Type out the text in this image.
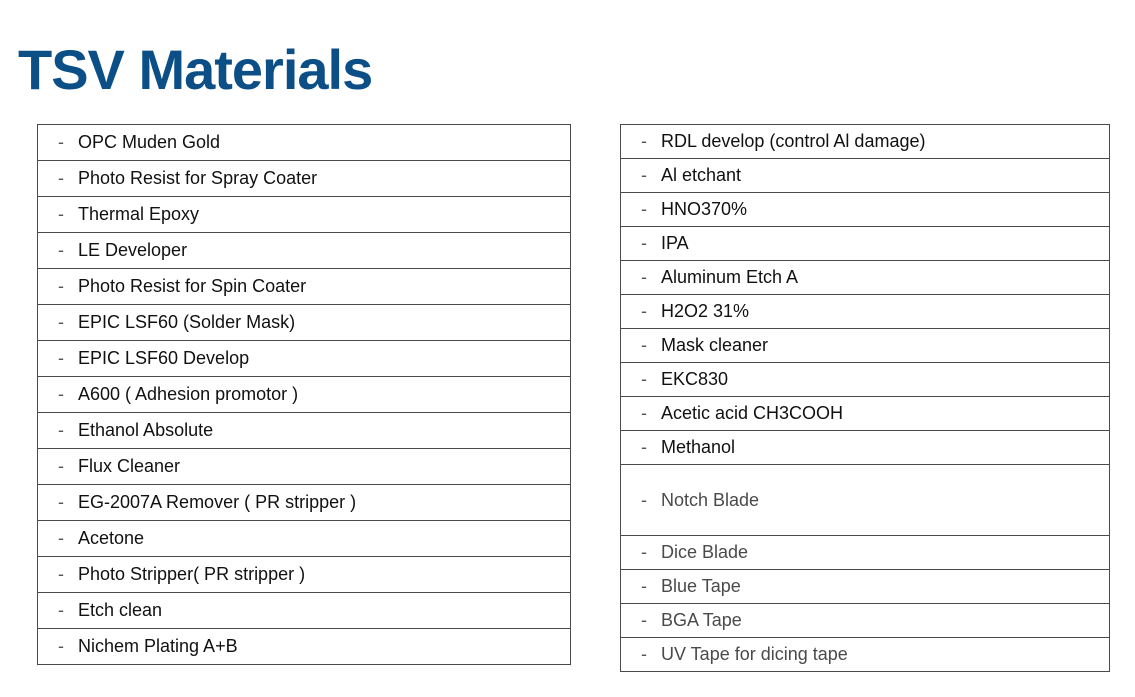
TSV Materials
- OPC Muden Gold
- Photo Resist for Spray Coater
- Thermal Epoxy
- LE Developer
- Photo Resist for Spin Coater
- EPIC LSF60 (Solder Mask)
- EPIC LSF60 Develop
- A600 ( Adhesion promotor )
- Ethanol Absolute
- Flux Cleaner
- EG-2007A Remover ( PR stripper )
- Acetone
- Photo Stripper( PR stripper )
- Etch clean
- Nichem Plating A+B
- RDL develop (control Al damage)
- Al etchant
- HNO370%
- IPA
- Aluminum Etch A
- H2O2 31%
- Mask cleaner
- EKC830
- Acetic acid CH3COOH
- Methanol
- Notch Blade
- Dice Blade
- Blue Tape
- BGA Tape
- UV Tape for dicing tape
